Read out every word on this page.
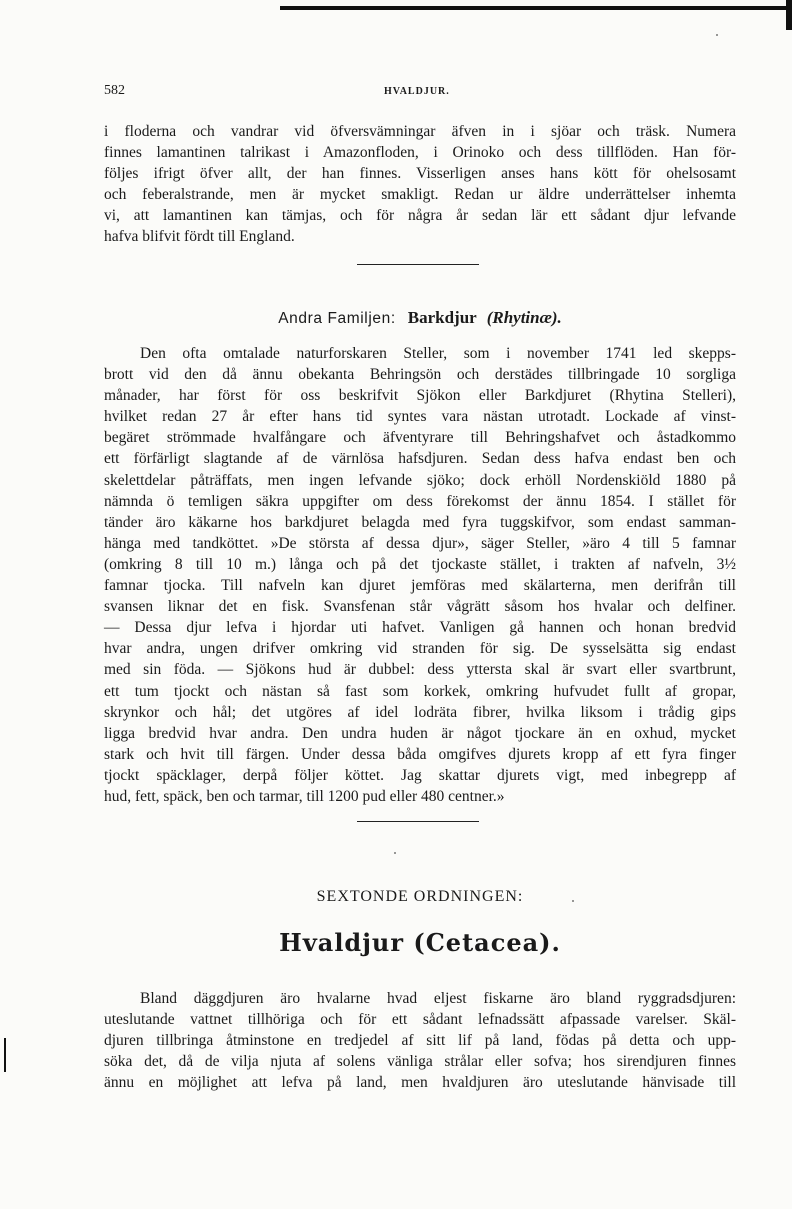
582	HVALDJUR.
i floderna och vandrar vid öfversvämningar äfven in i sjöar och träsk. Numera
finnes lamantinen talrikast i Amazonfloden, i Orinoko och dess tillflöden. Han för-
följes ifrigt öfver allt, der han finnes. Visserligen anses hans kött för ohelsosamt
och feberalstrande, men är mycket smakligt. Redan ur äldre underrättelser inhemta
vi, att lamantinen kan tämjas, och för några år sedan lär ett sådant djur lefvande
hafva blifvit fördt till England.
Andra Familjen: Barkdjur (Rhytinæ).
Den ofta omtalade naturforskaren Steller, som i november 1741 led skepps-
brott vid den då ännu obekanta Behringsön och derstädes tillbringade 10 sorgliga
månader, har först för oss beskrifvit Sjökon eller Barkdjuret (Rhytina Stelleri),
hvilket redan 27 år efter hans tid syntes vara nästan utrotadt. Lockade af vinst-
begäret strömmade hvalfångare och äfventyrare till Behringshafvet och åstadkommo
ett förfärligt slagtande af de värnlösa hafsdjuren. Sedan dess hafva endast ben och
skelettdelar påträffats, men ingen lefvande sjöko; dock erhöll Nordenskiöld 1880 på
nämnda ö temligen säkra uppgifter om dess förekomst der ännu 1854. I stället för
tänder äro käkarne hos barkdjuret belagda med fyra tuggskifvor, som endast samman-
hänga med tandköttet. »De största af dessa djur», säger Steller, »äro 4 till 5 famnar
(omkring 8 till 10 m.) långa och på det tjockaste stället, i trakten af nafveln, 3½
famnar tjocka. Till nafveln kan djuret jemföras med skälarterna, men derifrån till
svansen liknar det en fisk. Svansfenan står vågrätt såsom hos hvalar och delfiner.
— Dessa djur lefva i hjordar uti hafvet. Vanligen gå hannen och honan bredvid
hvar andra, ungen drifver omkring vid stranden för sig. De sysselsätta sig endast
med sin föda. — Sjökons hud är dubbel: dess yttersta skal är svart eller svartbrunt,
ett tum tjockt och nästan så fast som korkek, omkring hufvudet fullt af gropar,
skrynkor och hål; det utgöres af idel lodräta fibrer, hvilka liksom i trådig gips
ligga bredvid hvar andra. Den undra huden är något tjockare än en oxhud, mycket
stark och hvit till färgen. Under dessa båda omgifves djurets kropp af ett fyra finger
tjockt späcklager, derpå följer köttet. Jag skattar djurets vigt, med inbegrepp af
hud, fett, späck, ben och tarmar, till 1200 pud eller 480 centner.»
SEXTONDE ORDNINGEN:
Hvaldjur (Cetacea).
Bland däggdjuren äro hvalarne hvad eljest fiskarne äro bland ryggradsdjuren:
uteslutande vattnet tillhöriga och för ett sådant lefnadssätt afpassade varelser. Skäl-
djuren tillbringa åtminstone en tredjedel af sitt lif på land, födas på detta och upp-
söka det, då de vilja njuta af solens vänliga strålar eller sofva; hos sirendjuren finnes
ännu en möjlighet att lefva på land, men hvaldjuren äro uteslutande hänvisade till
